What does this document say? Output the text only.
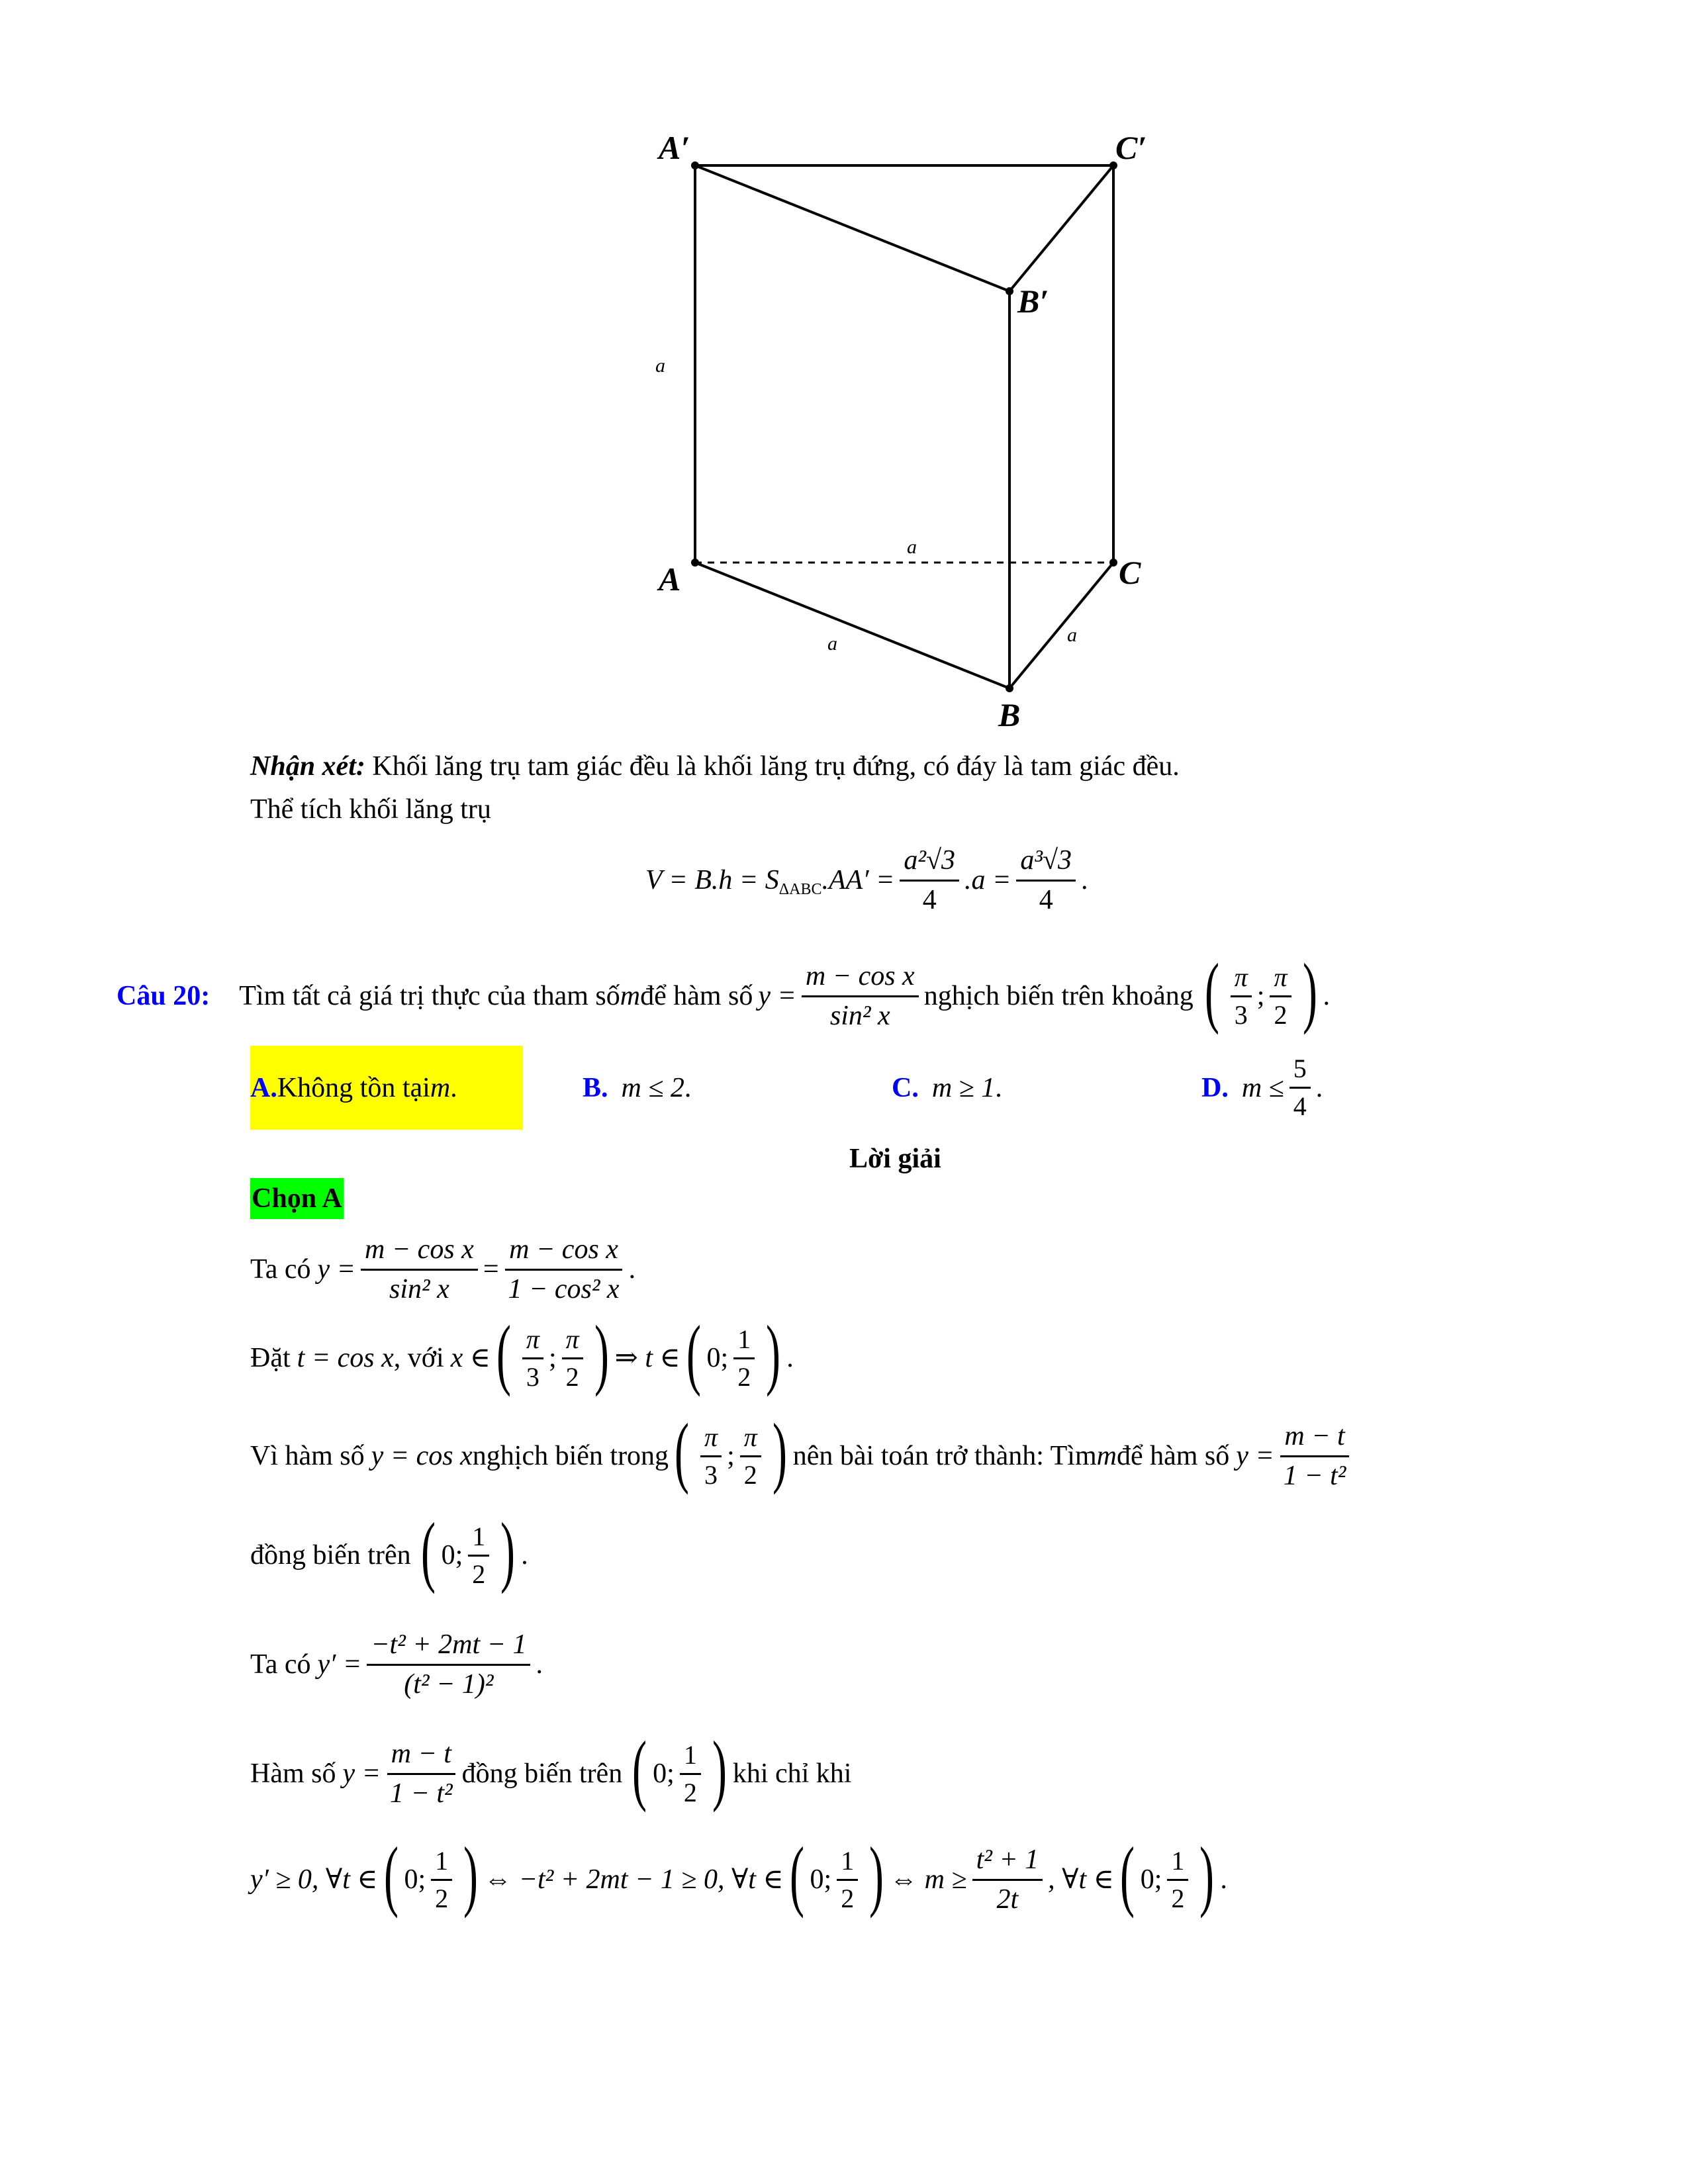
A′	C′
B′
A	C
B
a
a
a	a
Nhận xét: Khối lăng trụ tam giác đều là khối lăng trụ đứng, có đáy là tam giác đều.
Thể tích khối lăng trụ
$V = B.h = S_{\Delta ABC}$ $.AA' = \frac{\text{a²√3}}{4} .a = \frac{\text{a³√3}}{4}$ .
Câu 20: Tìm tất cả giá trị thực của tham số m để hàm số $y = \frac{\text{m − cos x}}{\text{sin² x}}$ nghịch biến trên khoảng ( $\frac{\pi}{3}$ ; $\frac{\pi}{2}$ ) .
A. Không tồn tại m .	B. m ≤ 2 .	C. m ≥ 1 .	D. $m \le \frac{5}{4}$ .
Lời giải
Chọn A
Ta có $y = \frac{\text{m − cos x}}{\text{sin² x}} = \frac{\text{m − cos x}}{\text{1 − cos² x}}$ .
Đặt t = cos x , với x ∈ ( $\frac{\pi}{3}$ ; $\frac{\pi}{2}$ ) ⇒ t ∈ ( 0; $\frac{1}{2}$ ) .
Vì hàm số y = cos x nghịch biến trong ( $\frac{\pi}{3}$ ; $\frac{\pi}{2}$ ) nên bài toán trở thành: Tìm m để hàm số $y = \frac{m - t}{\text{1 − t²}}$
đồng biến trên ( 0; $\frac{1}{2}$ ) .
Ta có $y' = \frac{\text{−t² + 2mt − 1}}{\text{(t² − 1)²}}$ .
Hàm số $y = \frac{m - t}{\text{1 − t²}}$ đồng biến trên ( 0; $\frac{1}{2}$ ) khi chỉ khi
y′ ≥ 0, ∀t ∈ ( 0; $\frac{1}{2}$ ) ⇔ −t² + 2mt − 1 ≥ 0, ∀t ∈ ( 0; $\frac{1}{2}$ ) ⇔ $m \ge \frac{\text{t² + 1}}{2t}$ , ∀t ∈ ( 0; $\frac{1}{2}$ ) .
